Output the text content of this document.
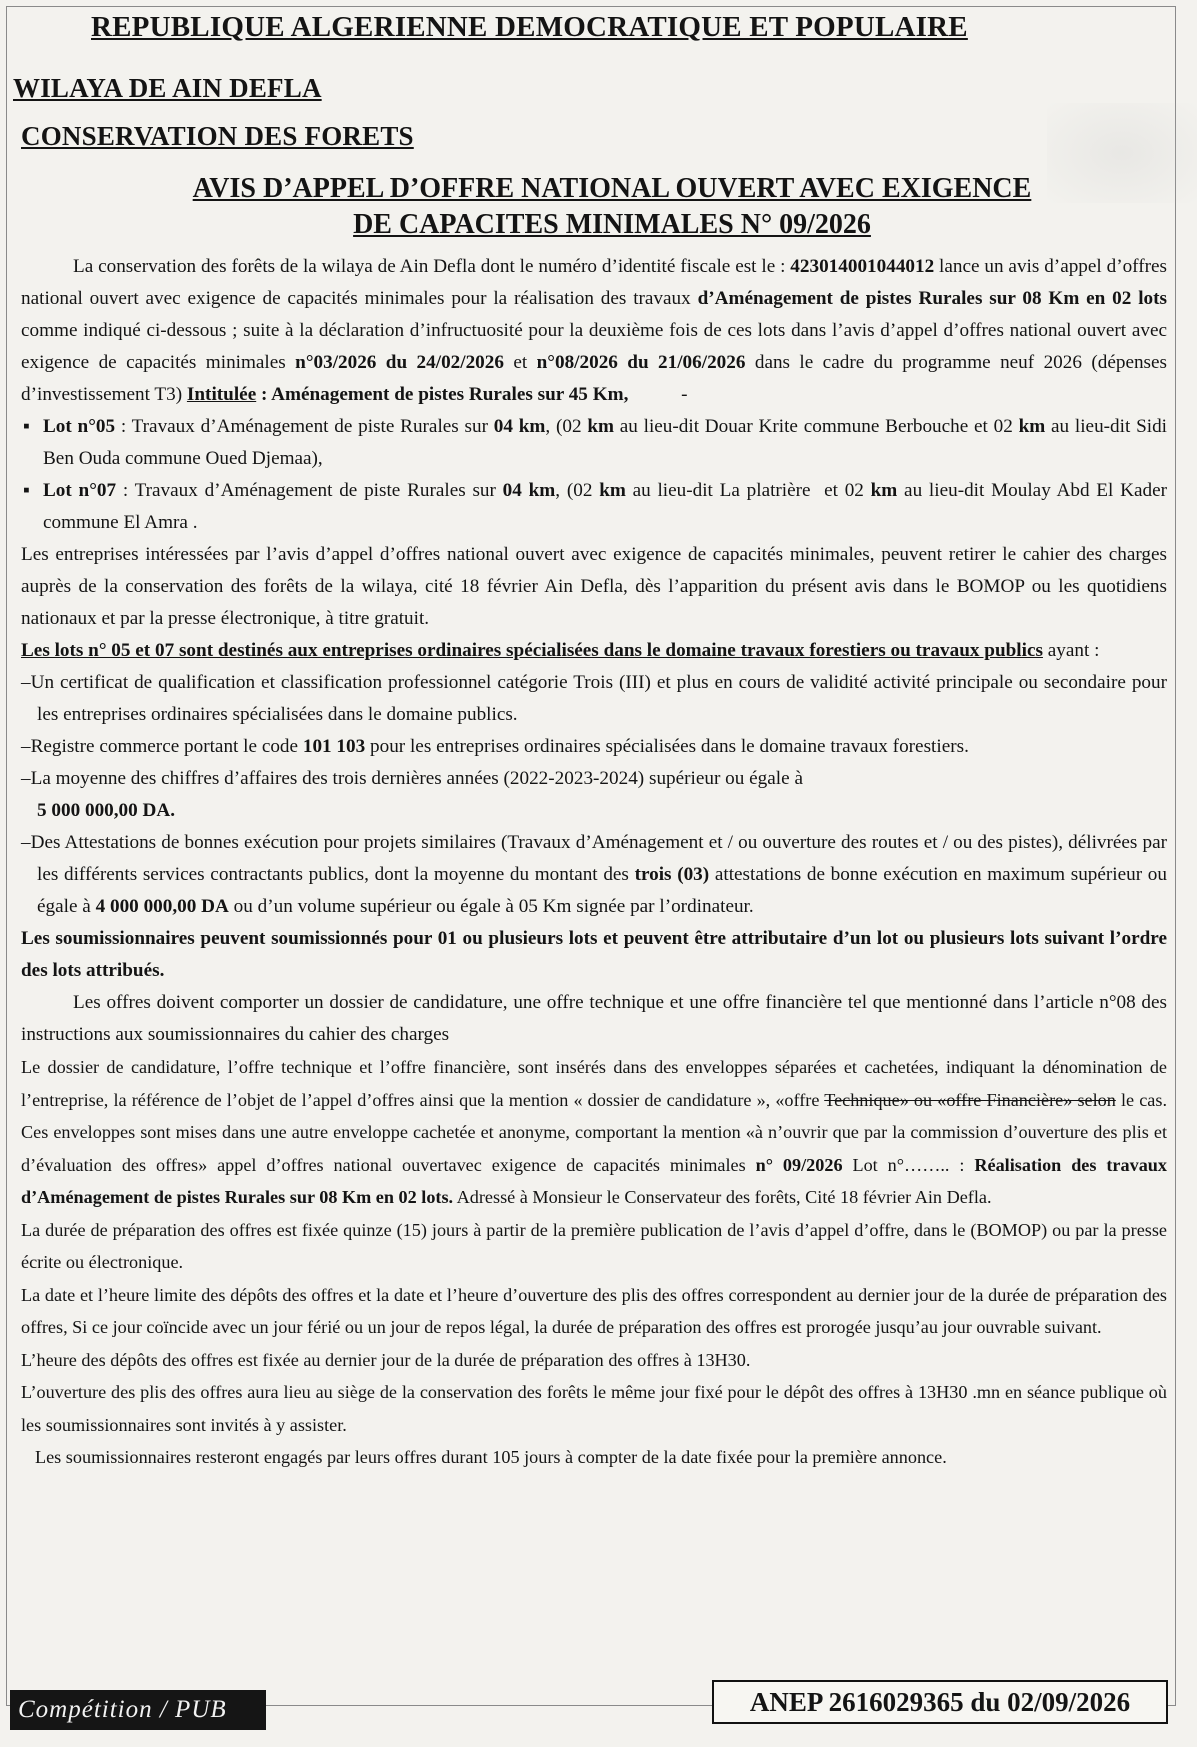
REPUBLIQUE ALGERIENNE DEMOCRATIQUE ET POPULAIRE
WILAYA DE AIN DEFLA
CONSERVATION DES FORETS
AVIS D’APPEL D’OFFRE NATIONAL OUVERT AVEC EXIGENCE
DE CAPACITES MINIMALES N° 09/2026

La conservation des forêts de la wilaya de Ain Defla dont le numéro d’identité fiscale est le : 423014001044012 lance un avis d’appel d’offres national ouvert avec exigence de capacités minimales pour la réalisation des travaux d’Aménagement de pistes Rurales sur 08 Km en 02 lots comme indiqué ci-dessous ; suite à la déclaration d’infructuosité pour la deuxième fois de ces lots dans l’avis d’appel d’offres national ouvert avec exigence de capacités minimales n°03/2026 du 24/02/2026 et n°08/2026 du 21/06/2026 dans le cadre du programme neuf 2026 (dépenses d’investissement T3) Intitulée : Aménagement de pistes Rurales sur 45 Km,           -

▪ Lot n°05 : Travaux d’Aménagement de piste Rurales sur 04 km, (02 km au lieu-dit Douar Krite commune Berbouche et 02 km au lieu-dit Sidi Ben Ouda commune Oued Djemaa),

▪ Lot n°07 : Travaux d’Aménagement de piste Rurales sur 04 km, (02 km au lieu-dit La platrière  et 02 km au lieu-dit Moulay Abd El Kader commune El Amra .

Les entreprises intéressées par l’avis d’appel d’offres national ouvert avec exigence de capacités minimales, peuvent retirer le cahier des charges auprès de la conservation des forêts de la wilaya, cité 18 février Ain Defla, dès l’apparition du présent avis dans le BOMOP ou les quotidiens nationaux et par la presse électronique, à titre gratuit.

Les lots n° 05 et 07 sont destinés aux entreprises ordinaires spécialisées dans le domaine travaux forestiers ou travaux publics ayant :

–Un certificat de qualification et classification professionnel catégorie Trois (III) et plus en cours de validité activité principale ou secondaire pour les entreprises ordinaires spécialisées dans le domaine publics.

–Registre commerce portant le code 101 103 pour les entreprises ordinaires spécialisées dans le domaine travaux forestiers.

–La moyenne des chiffres d’affaires des trois dernières années (2022-2023-2024) supérieur ou égale à
5 000 000,00 DA.

–Des Attestations de bonnes exécution pour projets similaires (Travaux d’Aménagement et / ou ouverture des routes et / ou des pistes), délivrées par les différents services contractants publics, dont la moyenne du montant des trois (03) attestations de bonne exécution en maximum supérieur ou égale à 4 000 000,00 DA ou d’un volume supérieur ou égale à 05 Km signée par l’ordinateur.

Les soumissionnaires peuvent soumissionnés pour 01 ou plusieurs lots et peuvent être attributaire d’un lot ou plusieurs lots suivant l’ordre des lots attribués.

Les offres doivent comporter un dossier de candidature, une offre technique et une offre financière tel que mentionné dans l’article n°08 des instructions aux soumissionnaires du cahier des charges

Le dossier de candidature, l’offre technique et l’offre financière, sont insérés dans des enveloppes séparées et cachetées, indiquant la dénomination de l’entreprise, la référence de l’objet de l’appel d’offres ainsi que la mention « dossier de candidature », «offre Technique» ou «offre Financière» selon le cas. Ces enveloppes sont mises dans une autre enveloppe cachetée et anonyme, comportant la mention «à n’ouvrir que par la commission d’ouverture des plis et d’évaluation des offres» appel d’offres national ouvertavec exigence de capacités minimales n° 09/2026 Lot n°…….. : Réalisation des travaux d’Aménagement de pistes Rurales sur 08 Km en 02 lots. Adressé à Monsieur le Conservateur des forêts, Cité 18 février Ain Defla.

La durée de préparation des offres est fixée quinze (15) jours à partir de la première publication de l’avis d’appel d’offre, dans le (BOMOP) ou par la presse écrite ou électronique.

La date et l’heure limite des dépôts des offres et la date et l’heure d’ouverture des plis des offres correspondent au dernier jour de la durée de préparation des offres, Si ce jour coïncide avec un jour férié ou un jour de repos légal, la durée de préparation des offres est prorogée jusqu’au jour ouvrable suivant.

L’heure des dépôts des offres est fixée au dernier jour de la durée de préparation des offres à 13H30.

L’ouverture des plis des offres aura lieu au siège de la conservation des forêts le même jour fixé pour le dépôt des offres à 13H30 .mn en séance publique où les soumissionnaires sont invités à y assister.

Les soumissionnaires resteront engagés par leurs offres durant 105 jours à compter de la date fixée pour la première annonce.

Compétition / PUB	ANEP 2616029365 du 02/09/2026
